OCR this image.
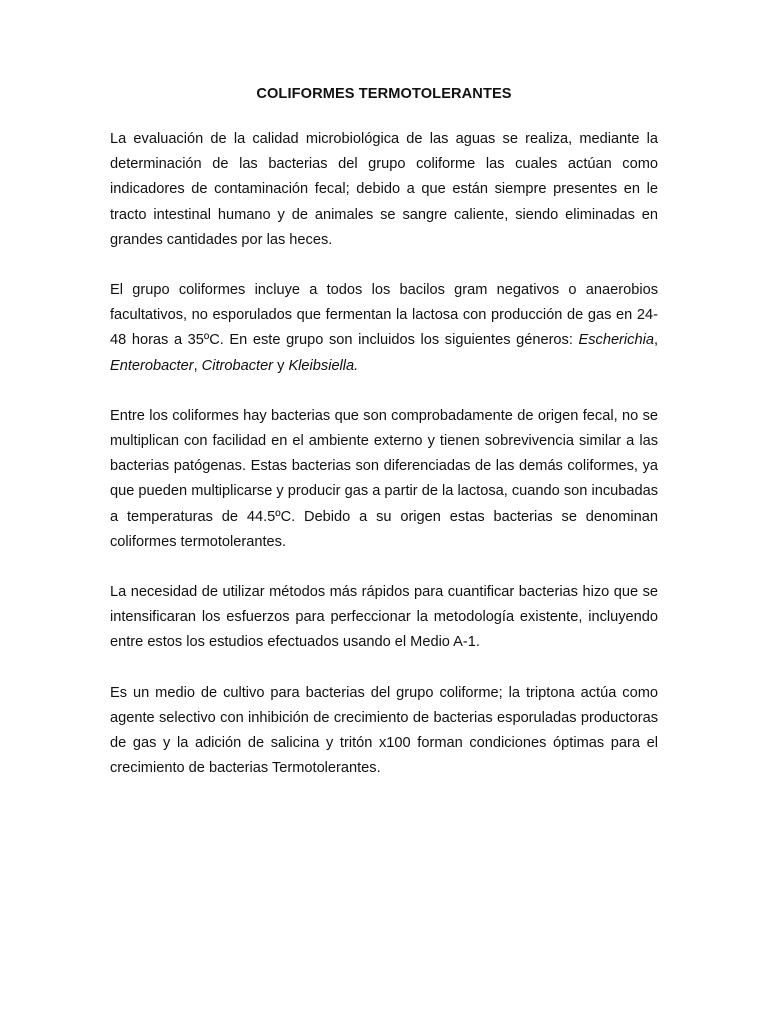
COLIFORMES TERMOTOLERANTES

La evaluación de la calidad microbiológica de las aguas se realiza, mediante la determinación de las bacterias del grupo coliforme las cuales actúan como indicadores de contaminación fecal; debido a que están siempre presentes en le tracto intestinal humano y de animales se sangre caliente, siendo eliminadas en grandes cantidades por las heces.

El grupo coliformes incluye a todos los bacilos gram negativos o anaerobios facultativos, no esporulados que fermentan la lactosa con producción de gas en 24-48 horas a 35ºC. En este grupo son incluidos los siguientes géneros: Escherichia, Enterobacter, Citrobacter y Kleibsiella.

Entre los coliformes hay bacterias que son comprobadamente de origen fecal, no se multiplican con facilidad en el ambiente externo y tienen sobrevivencia similar a las bacterias patógenas. Estas bacterias son diferenciadas de las demás coliformes, ya que pueden multiplicarse y producir gas a partir de la lactosa, cuando son incubadas a temperaturas de 44.5ºC. Debido a su origen estas bacterias se denominan coliformes termotolerantes.

La necesidad de utilizar métodos más rápidos para cuantificar bacterias hizo que se intensificaran los esfuerzos para perfeccionar la metodología existente, incluyendo entre estos los estudios efectuados usando el Medio A-1.

Es un medio de cultivo para bacterias del grupo coliforme; la triptona actúa como agente selectivo con inhibición de crecimiento de bacterias esporuladas productoras de gas y la adición de salicina y tritón x100 forman condiciones óptimas para el crecimiento de bacterias Termotolerantes.
